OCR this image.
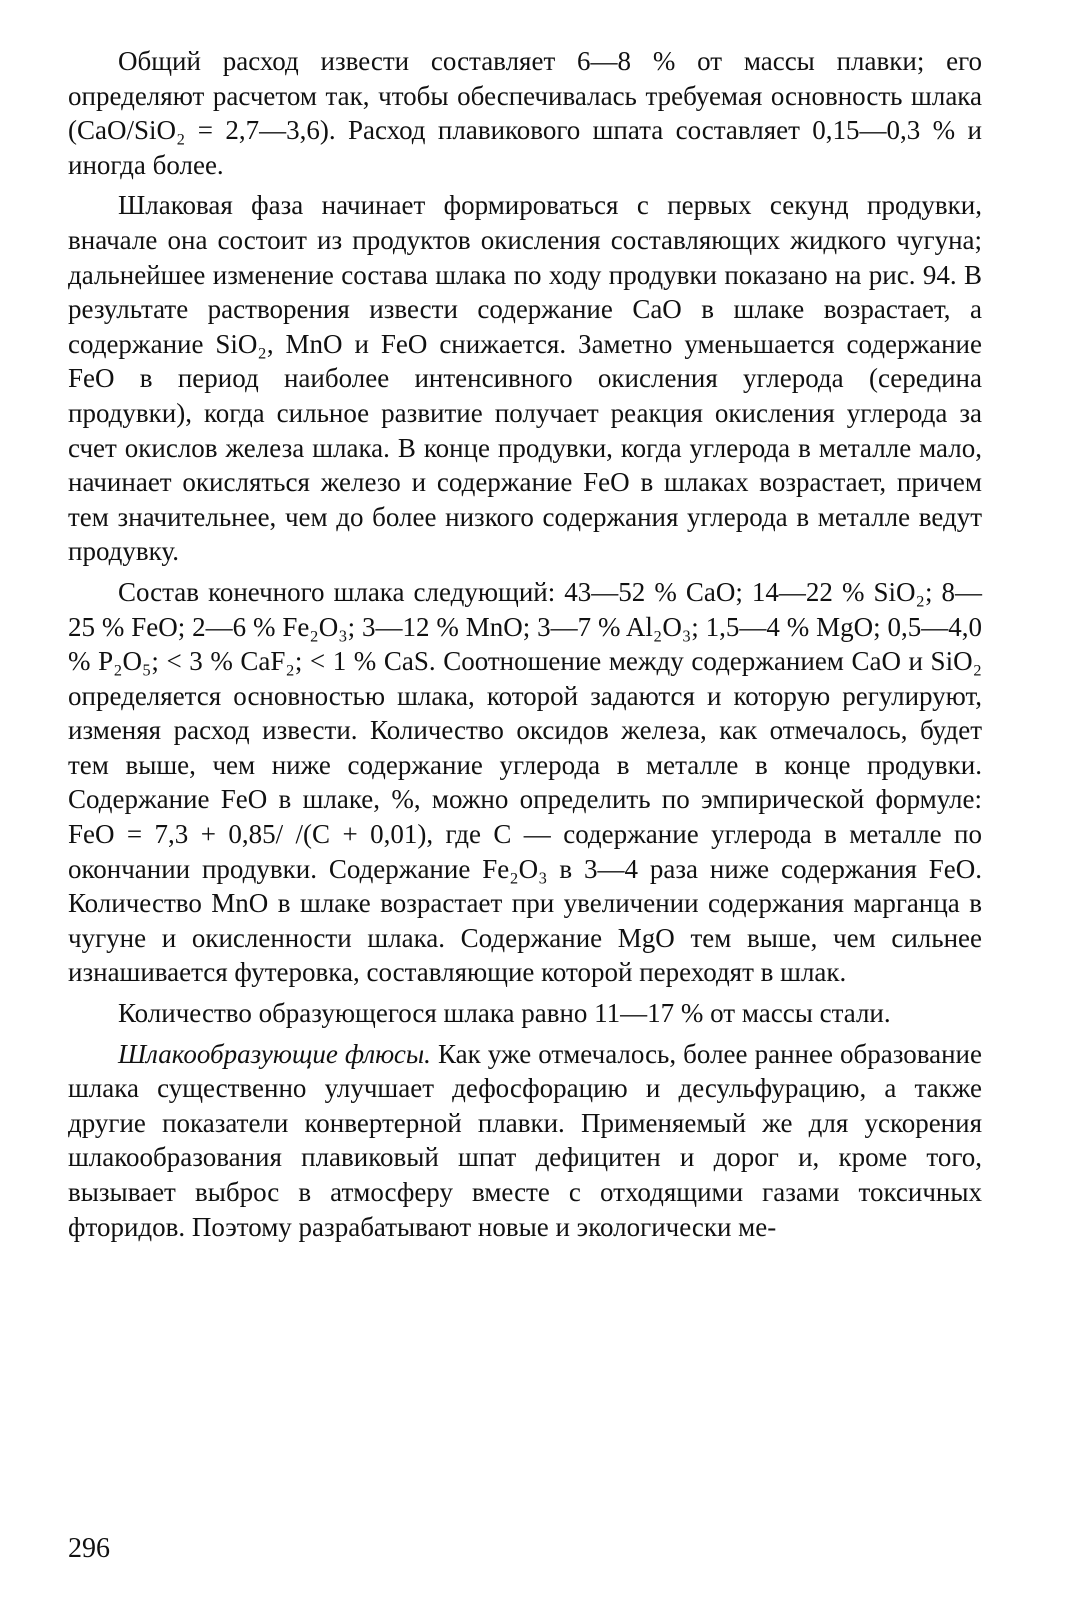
Общий расход извести составляет 6—8 % от массы плавки; его определяют расчетом так, чтобы обеспечивалась требуемая основность шлака (CaO/SiO₂ = 2,7—3,6). Расход плавикового шпата составляет 0,15—0,3 % и иногда более.

Шлаковая фаза начинает формироваться с первых секунд продувки, вначале она состоит из продуктов окисления составляющих жидкого чугуна; дальнейшее изменение состава шлака по ходу продувки показано на рис. 94. В результате растворения извести содержание CaO в шлаке возрастает, а содержание SiO₂, MnO и FeO снижается. Заметно уменьшается содержание FeO в период наиболее интенсивного окисления углерода (середина продувки), когда сильное развитие получает реакция окисления углерода за счет окислов железа шлака. В конце продувки, когда углерода в металле мало, начинает окисляться железо и содержание FeO в шлаках возрастает, причем тем значительнее, чем до более низкого содержания углерода в металле ведут продувку.

Состав конечного шлака следующий: 43—52 % CaO; 14—22 % SiO₂; 8—25 % FeO; 2—6 % Fe₂O₃; 3—12 % MnO; 3—7 % Al₂O₃; 1,5—4 % MgO; 0,5—4,0 % P₂O₅; < 3 % CaF₂; < 1 % CaS. Соотношение между содержанием CaO и SiO₂ определяется основностью шлака, которой задаются и которую регулируют, изменяя расход извести. Количество оксидов железа, как отмечалось, будет тем выше, чем ниже содержание углерода в металле в конце продувки. Содержание FeO в шлаке, %, можно определить по эмпирической формуле: FeO = 7,3 + 0,85/ /(C + 0,01), где C — содержание углерода в металле по окончании продувки. Содержание Fe₂O₃ в 3—4 раза ниже содержания FeO. Количество MnO в шлаке возрастает при увеличении содержания марганца в чугуне и окисленности шлака. Содержание MgO тем выше, чем сильнее изнашивается футеровка, составляющие которой переходят в шлак.

Количество образующегося шлака равно 11—17 % от массы стали.

Шлакообразующие флюсы. Как уже отмечалось, более раннее образование шлака существенно улучшает дефосфорацию и десульфурацию, а также другие показатели конвертерной плавки. Применяемый же для ускорения шлакообразования плавиковый шпат дефицитен и дорог и, кроме того, вызывает выброс в атмосферу вместе с отходящими газами токсичных фторидов. Поэтому разрабатывают новые и экологически ме-

296
